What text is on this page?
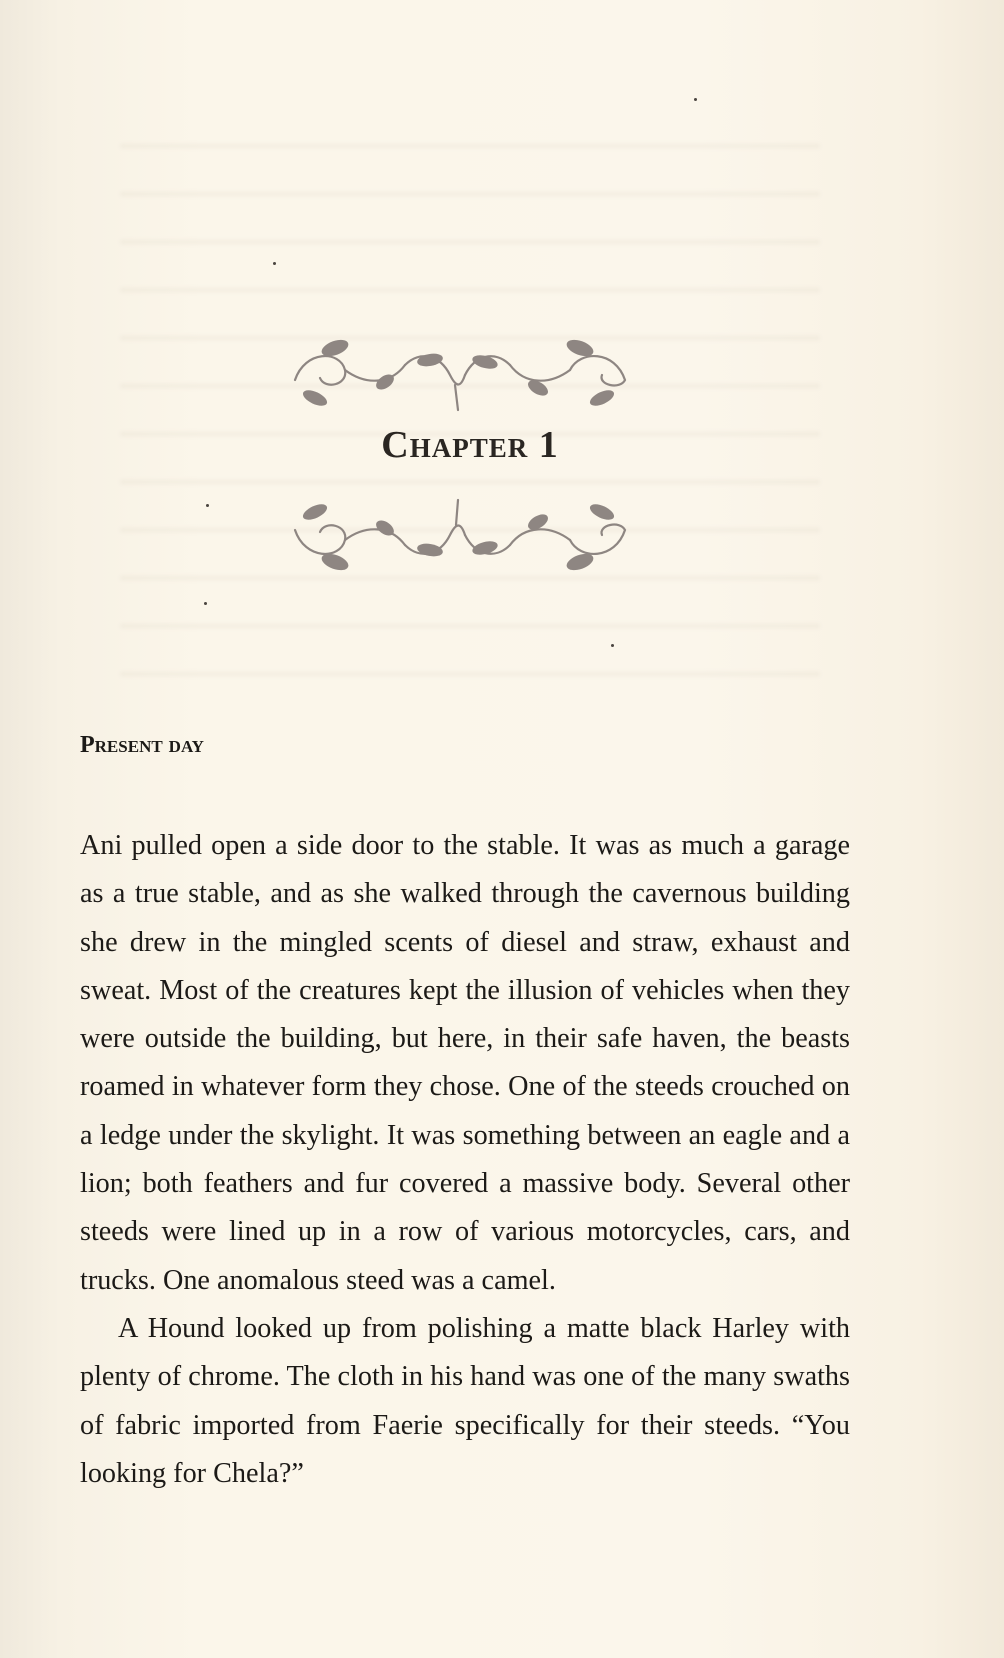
Chapter 1
Present day

Ani pulled open a side door to the stable. It was as much a garage as a true stable, and as she walked through the cavernous building she drew in the mingled scents of diesel and straw, exhaust and sweat. Most of the creatures kept the illusion of vehicles when they were outside the building, but here, in their safe haven, the beasts roamed in whatever form they chose. One of the steeds crouched on a ledge under the skylight. It was something between an eagle and a lion; both feathers and fur covered a massive body. Several other steeds were lined up in a row of various motorcycles, cars, and trucks. One anomalous steed was a camel.

A Hound looked up from polishing a matte black Harley with plenty of chrome. The cloth in his hand was one of the many swaths of fabric imported from Faerie specifically for their steeds. “You looking for Chela?”
